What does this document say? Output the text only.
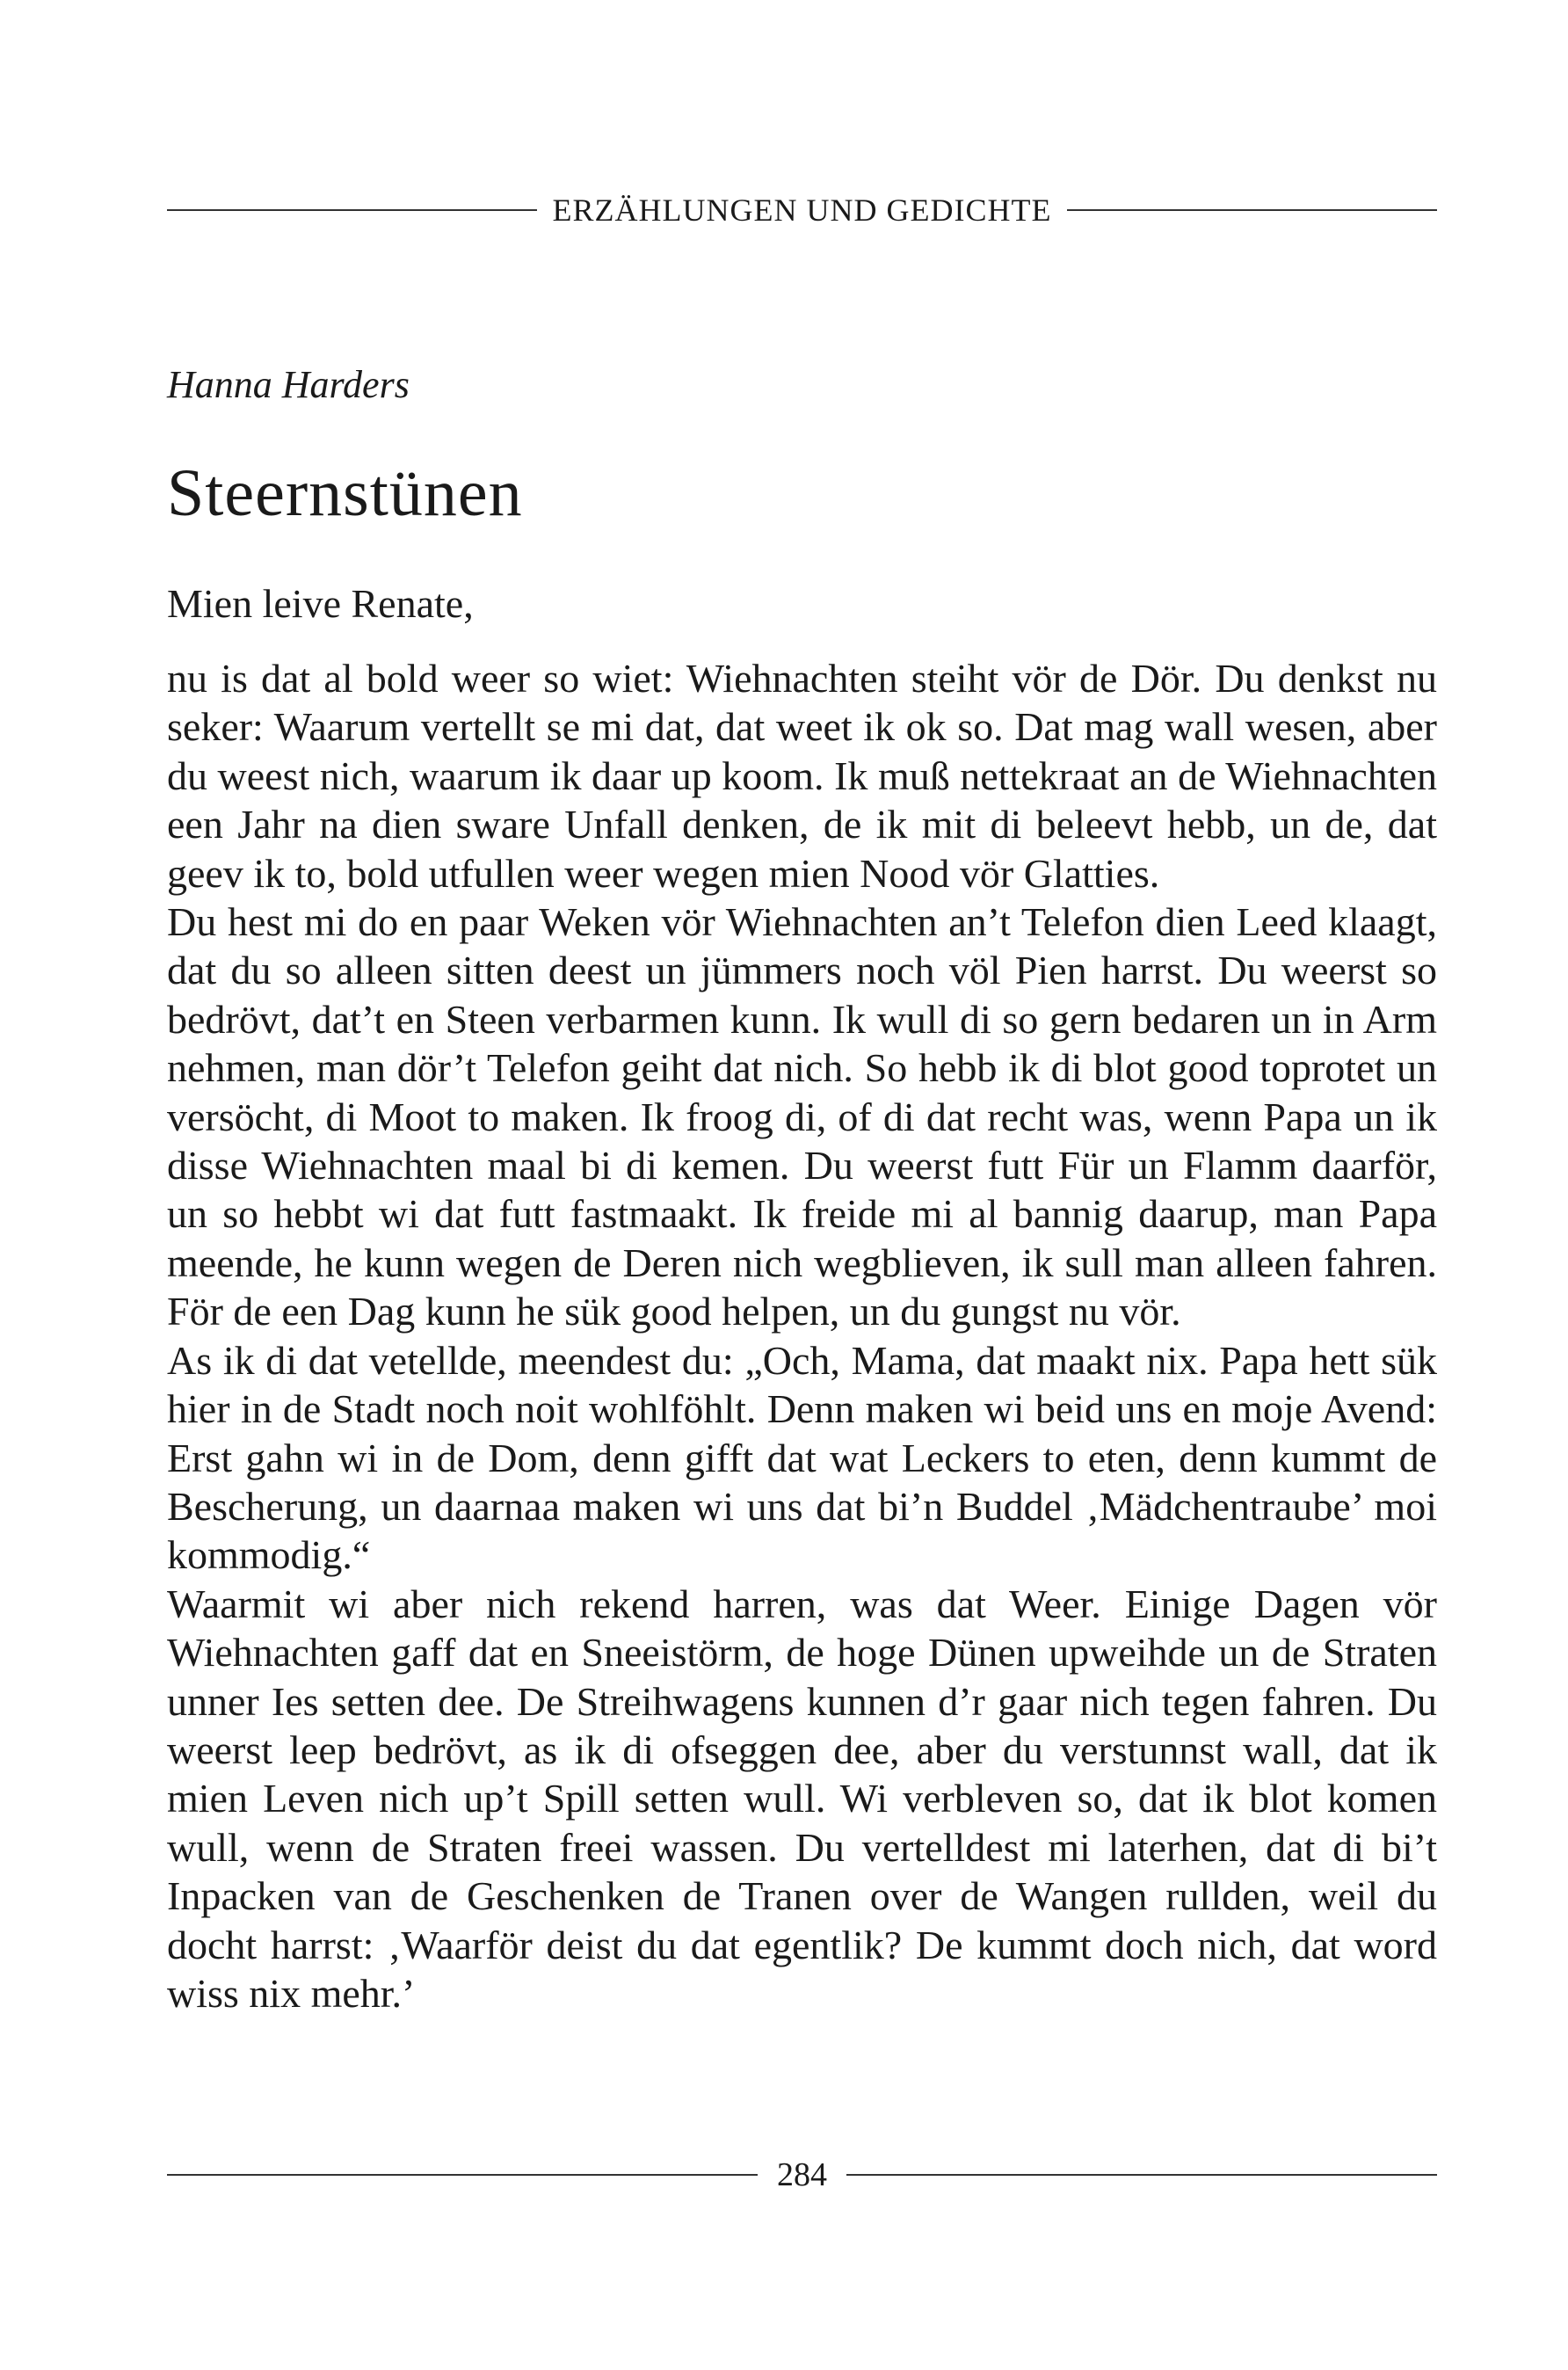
ERZÄHLUNGEN UND GEDICHTE
Hanna Harders
Steernstünen
Mien leive Renate,

nu is dat al bold weer so wiet: Wiehnachten steiht vör de Dör. Du denkst nu seker: Waarum vertellt se mi dat, dat weet ik ok so. Dat mag wall wesen, aber du weest nich, waarum ik daar up koom. Ik muß nettekraat an de Wiehnachten een Jahr na dien sware Unfall denken, de ik mit di beleevt hebb, un de, dat geev ik to, bold utfullen weer wegen mien Nood vör Glatties.

Du hest mi do en paar Weken vör Wiehnachten an’t Telefon dien Leed klaagt, dat du so alleen sitten deest un jümmers noch völ Pien harrst. Du weerst so bedrövt, dat’t en Steen verbarmen kunn. Ik wull di so gern bedaren un in Arm nehmen, man dör’t Telefon geiht dat nich. So hebb ik di blot good toprotet un versöcht, di Moot to maken. Ik froog di, of di dat recht was, wenn Papa un ik disse Wiehnachten maal bi di kemen. Du weerst futt Für un Flamm daarför, un so hebbt wi dat futt fastmaakt. Ik freide mi al bannig daarup, man Papa meende, he kunn wegen de Deren nich wegblieven, ik sull man alleen fahren. För de een Dag kunn he sük good helpen, un du gungst nu vör.

As ik di dat vetellde, meendest du: „Och, Mama, dat maakt nix. Papa hett sük hier in de Stadt noch noit wohlföhlt. Denn maken wi beid uns en moje Avend: Erst gahn wi in de Dom, denn gifft dat wat Leckers to eten, denn kummt de Bescherung, un daarnaa maken wi uns dat bi’n Buddel ‚Mädchentraube’ moi kommodig.“

Waarmit wi aber nich rekend harren, was dat Weer. Einige Dagen vör Wiehnachten gaff dat en Sneeistörm, de hoge Dünen upweihde un de Straten unner Ies setten dee. De Streihwagens kunnen d’r gaar nich tegen fahren. Du weerst leep bedrövt, as ik di ofseggen dee, aber du verstunnst wall, dat ik mien Leven nich up’t Spill setten wull. Wi verbleven so, dat ik blot komen wull, wenn de Straten freei wassen. Du vertelldest mi laterhen, dat di bi’t Inpacken van de Geschenken de Tranen over de Wangen rullden, weil du docht harrst: ‚Waarför deist du dat egentlik? De kummt doch nich, dat word wiss nix mehr.’

284
